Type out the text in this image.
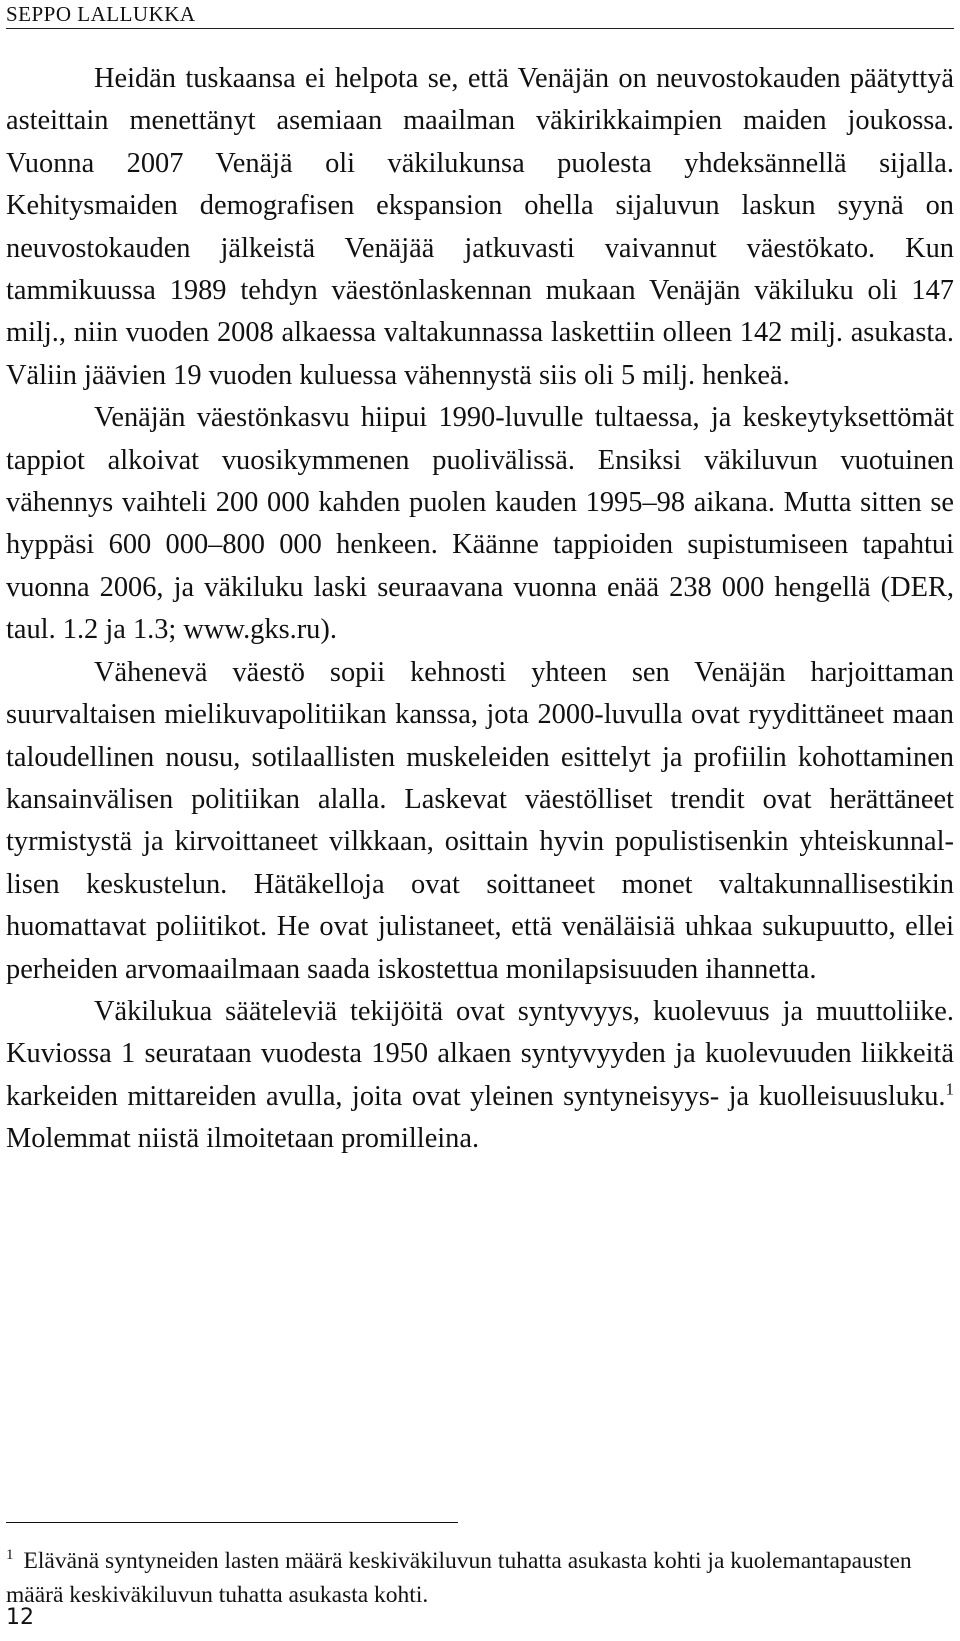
SEPPO LALLUKKA

Heidän tuskaansa ei helpota se, että Venäjän on neuvostokauden päätyttyä asteittain menettänyt asemiaan maailman väkirikkaimpien maiden joukossa. Vuonna 2007 Venäjä oli väkilukunsa puolesta yhdeksännellä sijalla. Kehitysmaiden demografisen ekspansion ohella sijaluvun laskun syynä on neuvostokauden jälkeistä Venäjää jatkuvasti vaivannut väestökato. Kun tammikuussa 1989 tehdyn väestönlaskennan mukaan Venäjän väkiluku oli 147 milj., niin vuoden 2008 alkaessa valtakunnassa laskettiin olleen 142 milj. asukasta. Väliin jäävien 19 vuoden kuluessa vähennystä siis oli 5 milj. henkeä.

Venäjän väestönkasvu hiipui 1990-luvulle tultaessa, ja keskeytyksettömät tappiot alkoivat vuosikymmenen puolivälissä. Ensiksi väkiluvun vuotuinen vähennys vaihteli 200 000 kahden puolen kauden 1995–98 aikana. Mutta sitten se hyppäsi 600 000–800 000 henkeen. Käänne tappioiden supistumiseen tapahtui vuonna 2006, ja väkiluku laski seuraavana vuonna enää 238 000 hengellä (DER, taul. 1.2 ja 1.3; www.gks.ru).

Vähenevä väestö sopii kehnosti yhteen sen Venäjän harjoittaman suurvaltaisen mielikuvapolitiikan kanssa, jota 2000-luvulla ovat ryydittäneet maan taloudellinen nousu, sotilaallisten muskeleiden esittelyt ja profiilin kohottaminen kansainvälisen politiikan alalla. Laskevat väestölliset trendit ovat herättäneet tyrmistystä ja kirvoittaneet vilkkaan, osittain hyvin populistisenkin yhteiskunnallisen keskustelun. Hätäkelloja ovat soittaneet monet valtakunnallisestikin huomattavat poliitikot. He ovat julistaneet, että venäläisiä uhkaa sukupuutto, ellei perheiden arvomaailmaan saada iskostettua monilapsisuuden ihannetta.

Väkilukua sääteleviä tekijöitä ovat syntyvyys, kuolevuus ja muuttoliike. Kuviossa 1 seurataan vuodesta 1950 alkaen syntyvyyden ja kuolevuuden liikkeitä karkeiden mittareiden avulla, joita ovat yleinen syntyneisyys- ja kuolleisuusluku.$^1$ Molemmat niistä ilmoitetaan promilleina.

$^1$ Elävänä syntyneiden lasten määrä keskiväkiluvun tuhatta asukasta kohti ja kuolemantapausten määrä keskiväkiluvun tuhatta asukasta kohti.
12
